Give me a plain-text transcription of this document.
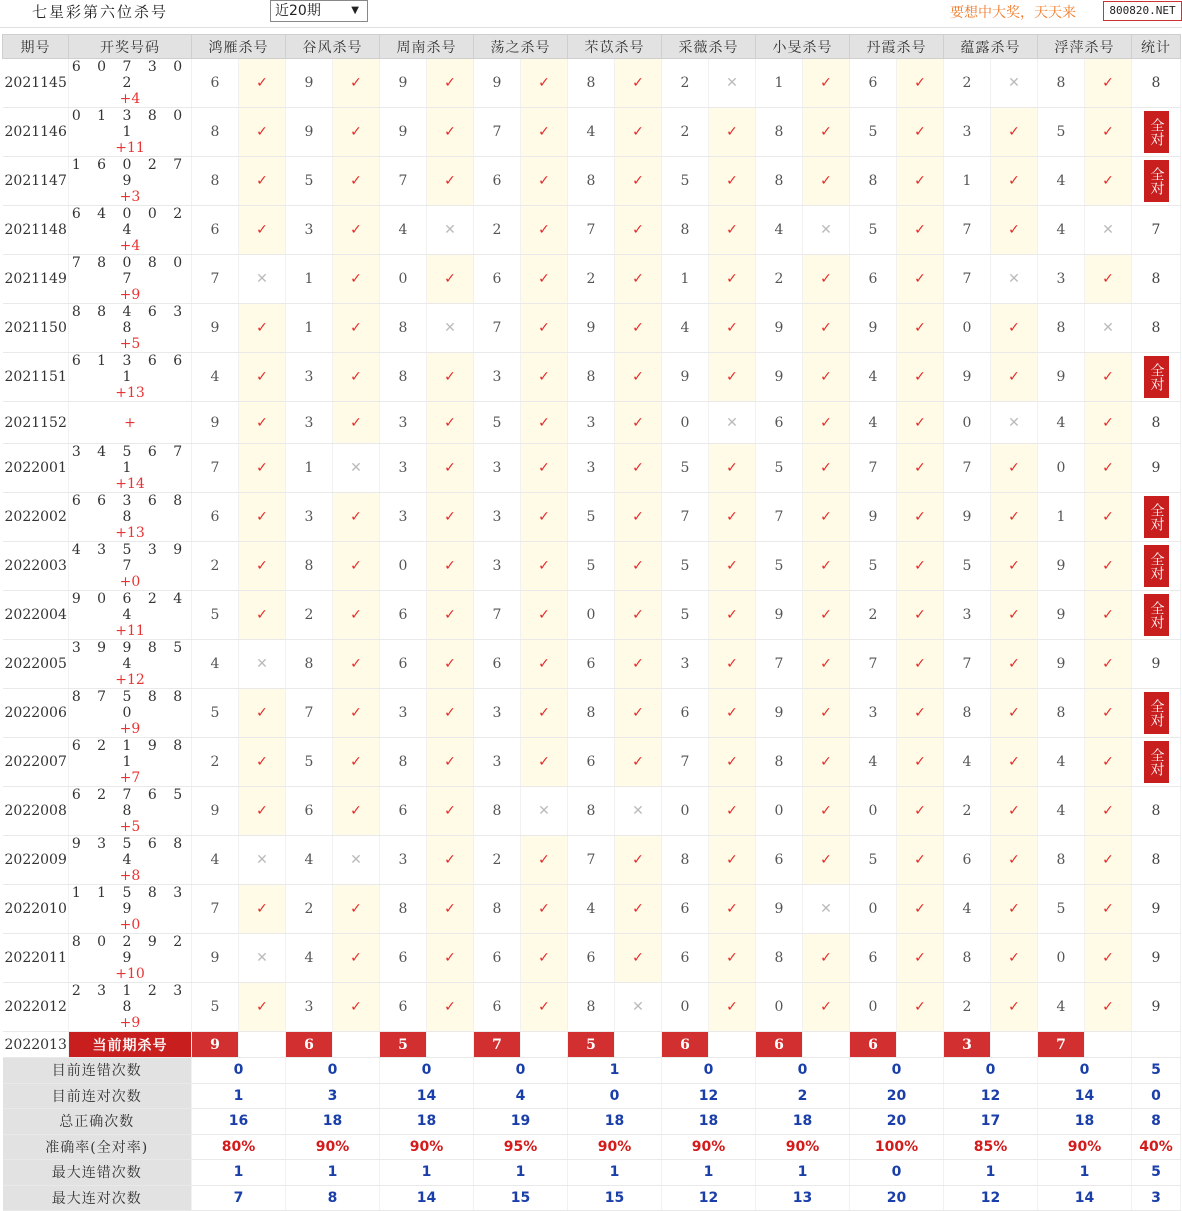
七星彩第六位杀号	近20期	▼	要想中大奖，天天来	800820.NET
期号	开奖号码	鸿雁杀号		谷风杀号		周南杀号		荡之杀号		芣苡杀号		采薇杀号		小旻杀号		丹霞杀号		蕴露杀号		浮萍杀号		统计
2021145	6 0 7 3 0 2
+4	6	✓	9	✓	9	✓	9	✓	8	✓	2	✕	1	✓	6	✓	2	✕	8	✓	8
2021146	0 1 3 8 0 1
+11	8	✓	9	✓	9	✓	7	✓	4	✓	2	✓	8	✓	5	✓	3	✓	5	✓	全对

2021147	1 6 0 2 7 9
+3	8	✓	5	✓	7	✓	6	✓	8	✓	5	✓	8	✓	8	✓	1	✓	4	✓	全对

2021148	6 4 0 0 2 4
+4	6	✓	3	✓	4	✕	2	✓	7	✓	8	✓	4	✕	5	✓	7	✓	4	✕	7
2021149	7 8 0 8 0 7
+9	7	✕	1	✓	0	✓	6	✓	2	✓	1	✓	2	✓	6	✓	7	✕	3	✓	8
2021150	8 8 4 6 3 8
+5	9	✓	1	✓	8	✕	7	✓	9	✓	4	✓	9	✓	9	✓	0	✓	8	✕	8
2021151	6 1 3 6 6 1
+13	4	✓	3	✓	8	✓	3	✓	8	✓	9	✓	9	✓	4	✓	9	✓	9	✓	全对

2021152	+	9	✓	3	✓	3	✓	5	✓	3	✓	0	✕	6	✓	4	✓	0	✕	4	✓	8
2022001	3 4 5 6 7 1
+14	7	✓	1	✕	3	✓	3	✓	3	✓	5	✓	5	✓	7	✓	7	✓	0	✓	9
2022002	6 6 3 6 8 8
+13	6	✓	3	✓	3	✓	3	✓	5	✓	7	✓	7	✓	9	✓	9	✓	1	✓	全对

2022003	4 3 5 3 9 7
+0	2	✓	8	✓	0	✓	3	✓	5	✓	5	✓	5	✓	5	✓	5	✓	9	✓	全对

2022004	9 0 6 2 4 4
+11	5	✓	2	✓	6	✓	7	✓	0	✓	5	✓	9	✓	2	✓	3	✓	9	✓	全对

2022005	3 9 9 8 5 4
+12	4	✕	8	✓	6	✓	6	✓	6	✓	3	✓	7	✓	7	✓	7	✓	9	✓	9
2022006	8 7 5 8 8 0
+9	5	✓	7	✓	3	✓	3	✓	8	✓	6	✓	9	✓	3	✓	8	✓	8	✓	全对

2022007	6 2 1 9 8 1
+7	2	✓	5	✓	8	✓	3	✓	6	✓	7	✓	8	✓	4	✓	4	✓	4	✓	全对

2022008	6 2 7 6 5 8
+5	9	✓	6	✓	6	✓	8	✕	8	✕	0	✓	0	✓	0	✓	2	✓	4	✓	8
2022009	9 3 5 6 8 4
+8	4	✕	4	✕	3	✓	2	✓	7	✓	8	✓	6	✓	5	✓	6	✓	8	✓	8
2022010	1 1 5 8 3 9
+0	7	✓	2	✓	8	✓	8	✓	4	✓	6	✓	9	✕	0	✓	4	✓	5	✓	9
2022011	8 0 2 9 2 9
+10	9	✕	4	✓	6	✓	6	✓	6	✓	6	✓	8	✓	6	✓	8	✓	0	✓	9
2022012	2 3 1 2 3 8
+9	5	✓	3	✓	6	✓	6	✓	8	✕	0	✓	0	✓	0	✓	2	✓	4	✓	9
2022013	当前期杀号	9		6		5		7		5		6		6		6		3		7		
目前连错次数		0		0		0		0		1		0		0		0		0		0		5
目前连对次数		1		3		14		4		0		12		2		20		12		14		0
总正确次数		16		18		18		19		18		18		18		20		17		18		8
准确率(全对率)		80%		90%		90%		95%		90%		90%		90%		100%		85%		90%		40%
最大连错次数		1		1		1		1		1		1		1		0		1		1		5
最大连对次数		7		8		14		15		15		12		13		20		12		14		3
